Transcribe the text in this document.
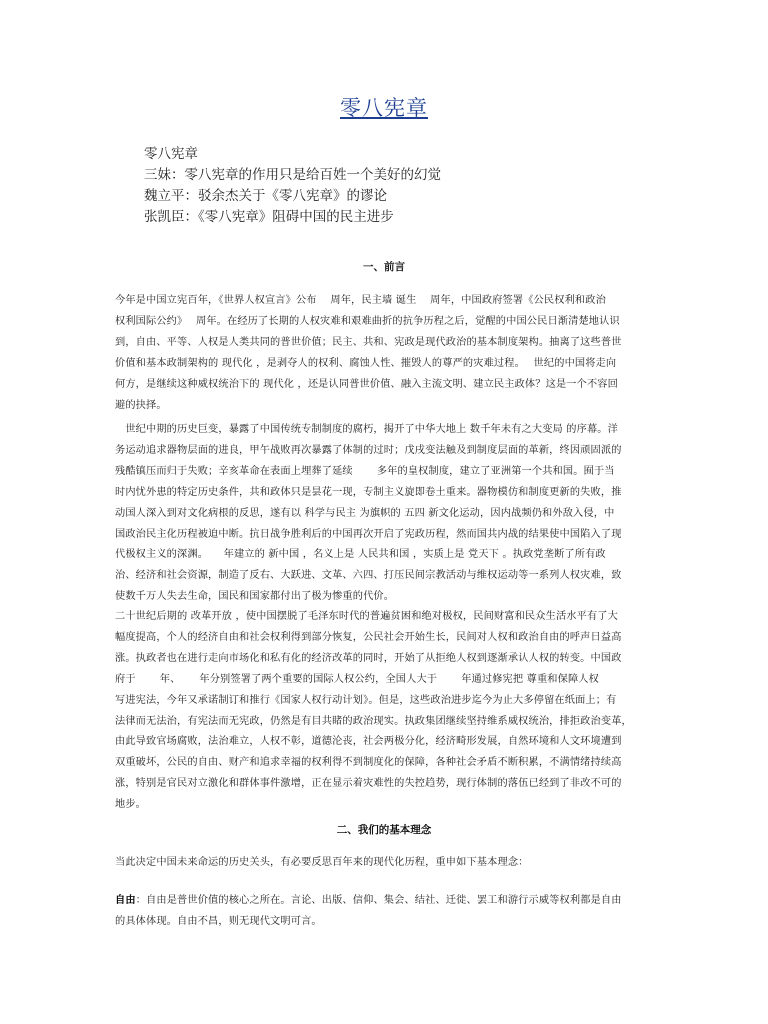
零八宪章
零八宪章
三妹：零八宪章的作用只是给百姓一个美好的幻觉
魏立平：驳余杰关于《零八宪章》的谬论
张凯臣：《零八宪章》阻碍中国的民主进步
一、前言
今年是中国立宪百年，《世界人权宣言》公布　 周年，民主墙 诞生　 周年，中国政府签署《公民权利和政治
权利国际公约》　 周年。在经历了长期的人权灾难和艰难曲折的抗争历程之后，觉醒的中国公民日渐清楚地认识
到，自由、平等、人权是人类共同的普世价值；民主、共和、宪政是现代政治的基本制度架构。抽离了这些普世
价值和基本政制架构的 现代化 ，是剥夺人的权利、腐蚀人性、摧毁人的尊严的灾难过程。　 世纪的中国将走向
何方，是继续这种威权统治下的 现代化 ，还是认同普世价值、融入主流文明、建立民主政体？这是一个不容回
避的抉择。
　世纪中期的历史巨变，暴露了中国传统专制制度的腐朽，揭开了中华大地上 数千年未有之大变局 的序幕。洋
务运动追求器物层面的进良，甲午战败再次暴露了体制的过时；戊戌变法触及到制度层面的革新，终因顽固派的
残酷镇压而归于失败；辛亥革命在表面上埋葬了延续　　 多年的皇权制度，建立了亚洲第一个共和国。囿于当
时内忧外患的特定历史条件，共和政体只是昙花一现，专制主义旋即卷土重来。器物模仿和制度更新的失败，推
动国人深入到对文化病根的反思，遂有以 科学与民主 为旗帜的 五四 新文化运动，因内战频仍和外敌入侵，中
国政治民主化历程被迫中断。抗日战争胜利后的中国再次开启了宪政历程，然而国共内战的结果使中国陷入了现
代极权主义的深渊。　　年建立的 新中国 ，名义上是 人民共和国 ，实质上是 党天下 。执政党垄断了所有政
治、经济和社会资源，制造了反右、大跃进、文革、六四、打压民间宗教活动与维权运动等一系列人权灾难，致
使数千万人失去生命，国民和国家都付出了极为惨重的代价。
二十世纪后期的 改革开放 ，使中国摆脱了毛泽东时代的普遍贫困和绝对极权，民间财富和民众生活水平有了大
幅度提高，个人的经济自由和社会权利得到部分恢复，公民社会开始生长，民间对人权和政治自由的呼声日益高
涨。执政者也在进行走向市场化和私有化的经济改革的同时，开始了从拒绝人权到逐渐承认人权的转变。中国政
府于　　 年、　　 年分别签署了两个重要的国际人权公约，全国人大于　　 年通过修宪把 尊重和保障人权
写进宪法，今年又承诺制订和推行《国家人权行动计划》。但是，这些政治进步迄今为止大多停留在纸面上；有
法律而无法治，有宪法而无宪政，仍然是有目共睹的政治现实。执政集团继续坚持维系威权统治，排拒政治变革，
由此导致官场腐败，法治难立，人权不彰，道德沦丧，社会两极分化，经济畸形发展，自然环境和人文环境遭到
双重破坏，公民的自由、财产和追求幸福的权利得不到制度化的保障，各种社会矛盾不断积累，不满情绪持续高
涨，特别是官民对立激化和群体事件激增，正在显示着灾难性的失控趋势，现行体制的落伍已经到了非改不可的
地步。
二、我们的基本理念
当此决定中国未来命运的历史关头，有必要反思百年来的现代化历程，重申如下基本理念：
自由：自由是普世价值的核心之所在。言论、出版、信仰、集会、结社、迁徙、罢工和游行示威等权利都是自由
的具体体现。自由不昌，则无现代文明可言。
